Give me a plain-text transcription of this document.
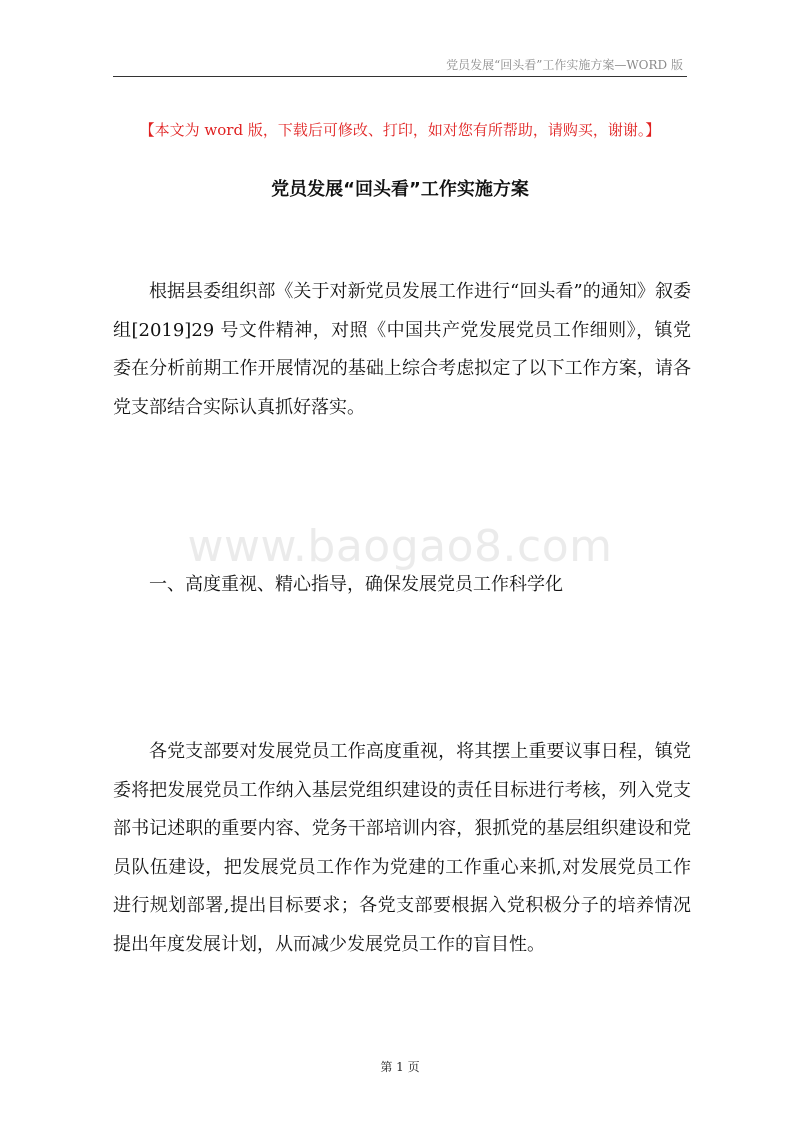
党员发展“回头看”工作实施方案—WORD 版
【本文为 word 版，下载后可修改、打印，如对您有所帮助，请购买，谢谢。】
党员发展“回头看”工作实施方案

根据县委组织部《关于对新党员发展工作进行“回头看”的通知》叙委组[2019]29 号文件精神，对照《中国共产党发展党员工作细则》，镇党委在分析前期工作开展情况的基础上综合考虑拟定了以下工作方案，请各党支部结合实际认真抓好落实。

www.baogao8.com

一、高度重视、精心指导，确保发展党员工作科学化

各党支部要对发展党员工作高度重视，将其摆上重要议事日程，镇党委将把发展党员工作纳入基层党组织建设的责任目标进行考核，列入党支部书记述职的重要内容、党务干部培训内容，狠抓党的基层组织建设和党员队伍建设，把发展党员工作作为党建的工作重心来抓,对发展党员工作进行规划部署,提出目标要求；各党支部要根据入党积极分子的培养情况提出年度发展计划，从而减少发展党员工作的盲目性。

第 1 页
